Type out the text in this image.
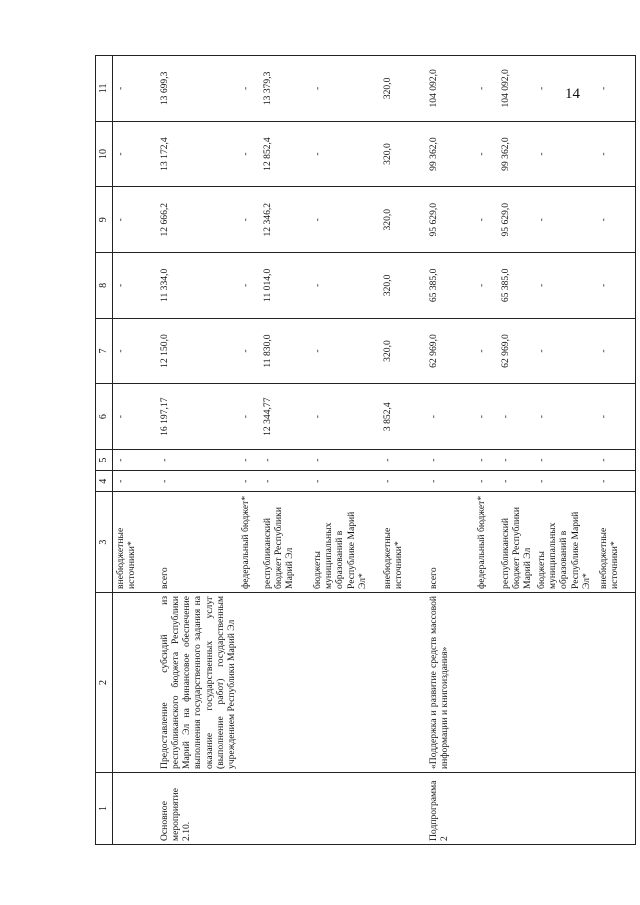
14
1	2	3	4	5	6	7	8	9	10	11
		внебюджетные источники*	-	-	-	-	-	-	-	-
Основное мероприятие 2.10.	Предоставление субсидий из республиканского бюджета Республики Марий Эл на финансовое обеспечение выполнения государственного задания на оказание государственных услуг (выполнение работ) государственным учреждением Республики Марий Эл	всего	-	-	16 197,17	12 150,0	11 334,0	12 666,2	13 172,4	13 699,3
		федеральный бюджет*	-	-	-	-	-	-	-	-
		республиканский бюджет Республики Марий Эл	-	-	12 344,77	11 830,0	11 014,0	12 346,2	12 852,4	13 379,3
		бюджеты муниципальных образований в Республике Марий Эл*	-	-	-	-	-	-	-	-
		внебюджетные источники*	-	-	3 852,4	320,0	320,0	320,0	320,0	320,0
Подпрограмма 2	«Поддержка и развитие средств массовой информации и книгоиздания»	всего	-	-	-	62 969,0	65 385,0	95 629,0	99 362,0	104 092,0
		федеральный бюджет*	-	-	-	-	-	-	-	-
		республиканский бюджет Республики Марий Эл	-	-	-	62 969,0	65 385,0	95 629,0	99 362,0	104 092,0
		бюджеты муниципальных образований в Республике Марий Эл*	-	-	-	-	-	-	-	-
		внебюджетные источники*	-	-	-	-	-	-	-	-
